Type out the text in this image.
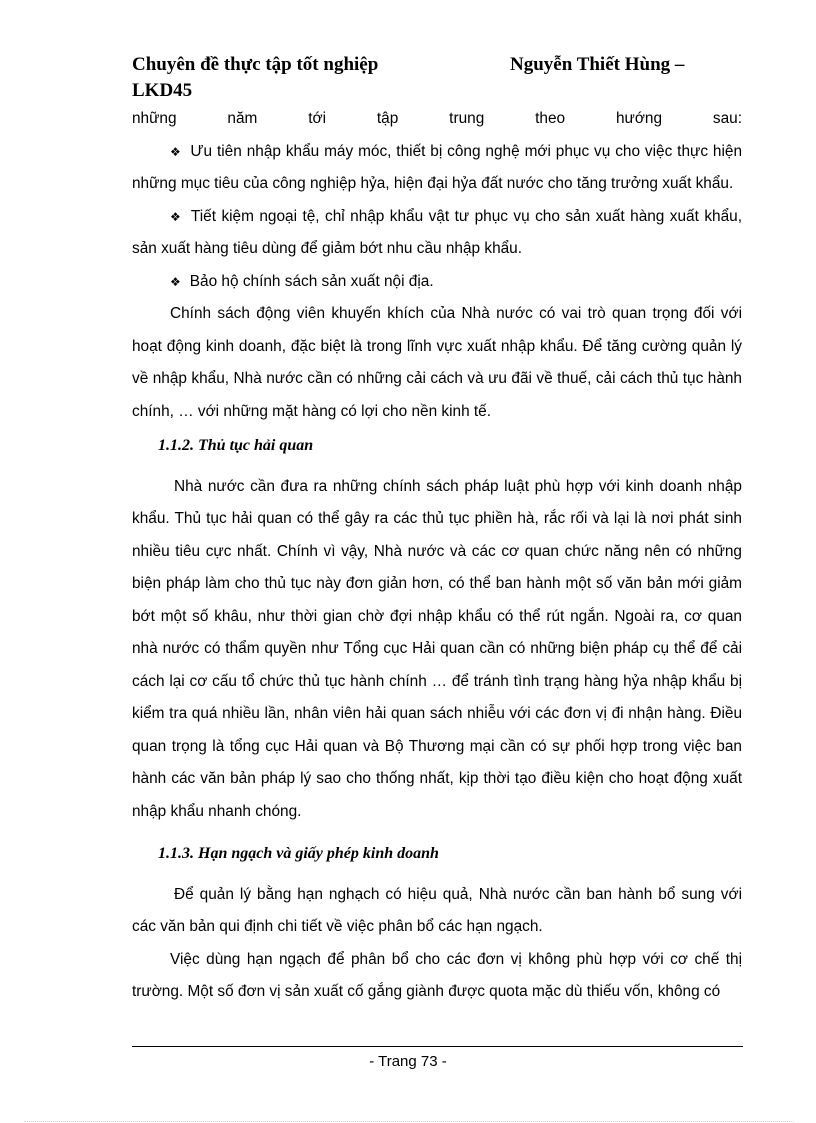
Chuyên đề thực tập tốt nghiệp	Nguyễn Thiết Hùng –
LKD45

những năm tới tập trung theo hướng sau:

❖ Ưu tiên nhập khẩu máy móc, thiết bị công nghệ mới phục vụ cho việc thực hiện những mục tiêu của công nghiệp hỷa, hiện đại hỷa đất nước cho tăng trưởng xuất khẩu.

❖ Tiết kiệm ngoại tệ, chỉ nhập khẩu vật tư phục vụ cho sản xuất hàng xuất khẩu, sản xuất hàng tiêu dùng để giảm bớt nhu cầu nhập khẩu.

❖ Bảo hộ chính sách sản xuất nội địa.

Chính sách động viên khuyến khích của Nhà nước có vai trò quan trọng đối với hoạt động kinh doanh, đặc biệt là trong lĩnh vực xuất nhập khẩu. Để tăng cường quản lý về nhập khẩu, Nhà nước cần có những cải cách và ưu đãi về thuế, cải cách thủ tục hành chính, … với những mặt hàng có lợi cho nền kinh tế.

1.1.2. Thủ tục hải quan

Nhà nước cần đưa ra những chính sách pháp luật phù hợp với kinh doanh nhập khẩu. Thủ tục hải quan có thể gây ra các thủ tục phiền hà, rắc rối và lại là nơi phát sinh nhiều tiêu cực nhất. Chính vì vậy, Nhà nước và các cơ quan chức năng nên có những biện pháp làm cho thủ tục này đơn giản hơn, có thể ban hành một số văn bản mới giảm bớt một số khâu, như thời gian chờ đợi nhập khẩu có thể rút ngắn. Ngoài ra, cơ quan nhà nước có thẩm quyền như Tổng cục Hải quan cần có những biện pháp cụ thể để cải cách lại cơ cấu tổ chức thủ tục hành chính … để tránh tình trạng hàng hỷa nhập khẩu bị kiểm tra quá nhiều lần, nhân viên hải quan sách nhiễu với các đơn vị đi nhận hàng. Điều quan trọng là tổng cục Hải quan và Bộ Thương mại cần có sự phối hợp trong việc ban hành các văn bản pháp lý sao cho thống nhất, kịp thời tạo điều kiện cho hoạt động xuất nhập khẩu nhanh chóng.

1.1.3. Hạn ngạch và giấy phép kinh doanh

Để quản lý bằng hạn nghạch có hiệu quả, Nhà nước cần ban hành bổ sung với các văn bản qui định chi tiết về việc phân bổ các hạn ngạch.

Việc dùng hạn ngạch để phân bổ cho các đơn vị không phù hợp với cơ chế thị trường. Một số đơn vị sản xuất cố gắng giành được quota mặc dù thiếu vốn, không có

- Trang 73 -
